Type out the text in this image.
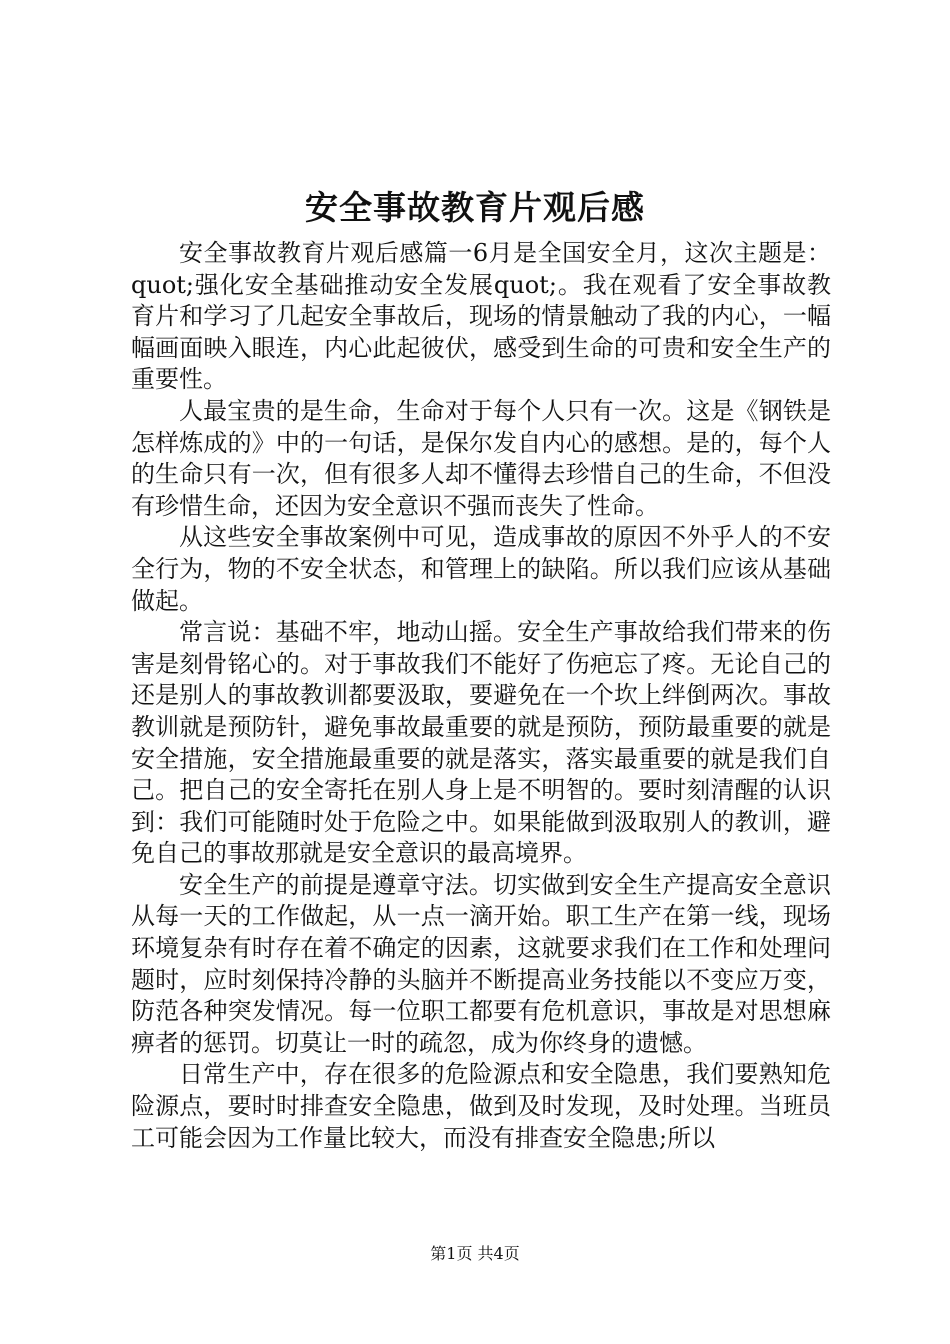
安全事故教育片观后感

安全事故教育片观后感篇一6月是全国安全月，这次主题是：quot;强化安全基础推动安全发展quot;。我在观看了安全事故教育片和学习了几起安全事故后，现场的情景触动了我的内心，一幅幅画面映入眼连，内心此起彼伏，感受到生命的可贵和安全生产的重要性。

人最宝贵的是生命，生命对于每个人只有一次。这是《钢铁是怎样炼成的》中的一句话，是保尔发自内心的感想。是的，每个人的生命只有一次，但有很多人却不懂得去珍惜自己的生命，不但没有珍惜生命，还因为安全意识不强而丧失了性命。

从这些安全事故案例中可见，造成事故的原因不外乎人的不安全行为，物的不安全状态，和管理上的缺陷。所以我们应该从基础做起。

常言说：基础不牢，地动山摇。安全生产事故给我们带来的伤害是刻骨铭心的。对于事故我们不能好了伤疤忘了疼。无论自己的还是别人的事故教训都要汲取，要避免在一个坎上绊倒两次。事故教训就是预防针，避免事故最重要的就是预防，预防最重要的就是安全措施，安全措施最重要的就是落实，落实最重要的就是我们自己。把自己的安全寄托在别人身上是不明智的。要时刻清醒的认识到：我们可能随时处于危险之中。如果能做到汲取别人的教训，避免自己的事故那就是安全意识的最高境界。

安全生产的前提是遵章守法。切实做到安全生产提高安全意识从每一天的工作做起，从一点一滴开始。职工生产在第一线，现场环境复杂有时存在着不确定的因素，这就要求我们在工作和处理问题时，应时刻保持冷静的头脑并不断提高业务技能以不变应万变，防范各种突发情况。每一位职工都要有危机意识，事故是对思想麻痹者的惩罚。切莫让一时的疏忽，成为你终身的遗憾。

日常生产中，存在很多的危险源点和安全隐患，我们要熟知危险源点，要时时排查安全隐患，做到及时发现，及时处理。当班员工可能会因为工作量比较大，而没有排查安全隐患;所以

第1页 共4页
